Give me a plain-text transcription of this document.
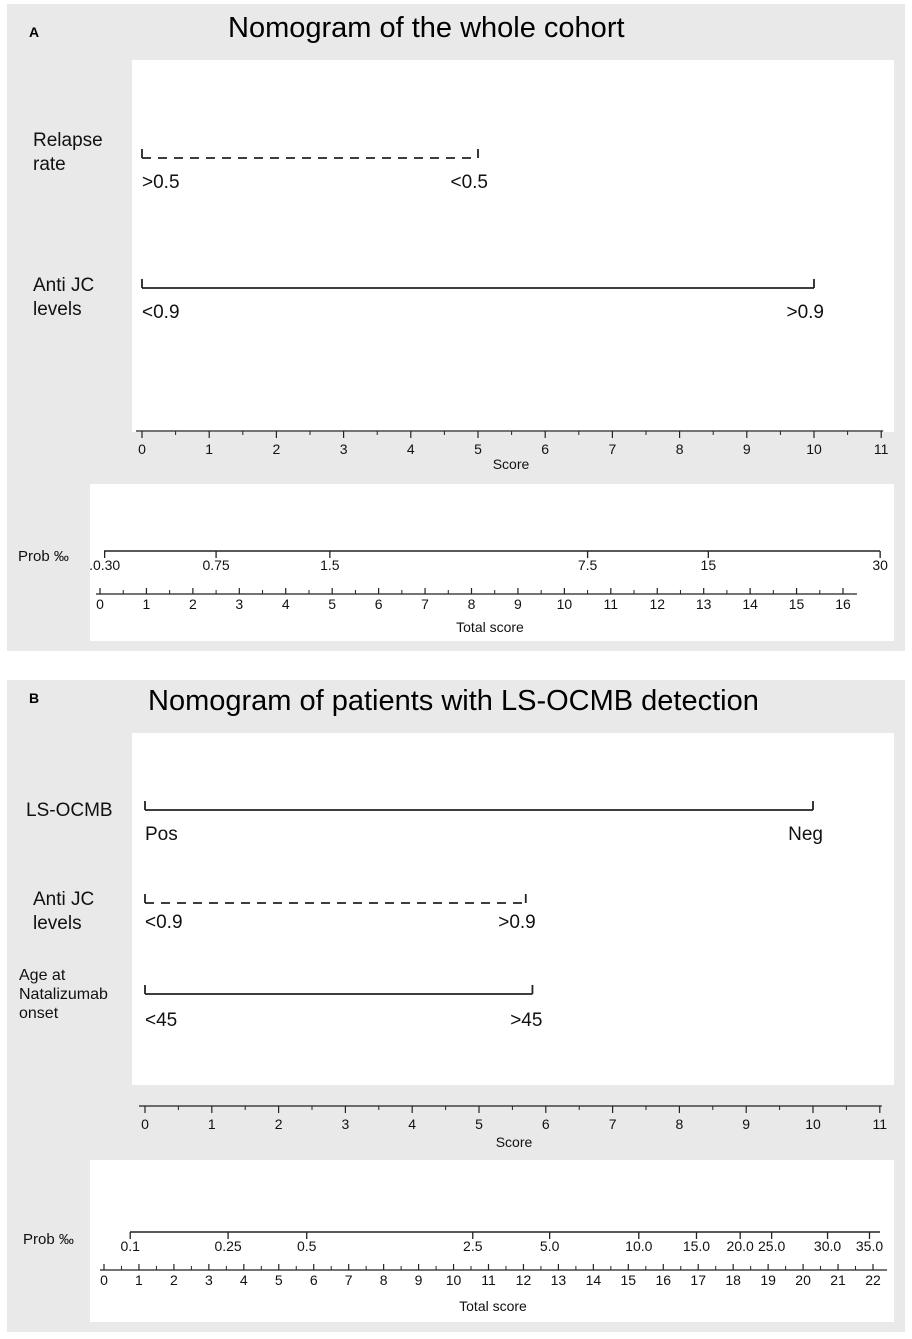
A	Nomogram of the whole cohort
Relapse rate
Anti JC levels
Prob ‰
Score
Total score
B	Nomogram of patients with LS-OCMB detection
LS-OCMB
Anti JC levels
Age at Natalizumab onset
Prob ‰
Score
Total score
0	1	2	3	4	5	6	7	8	9	10	11
>0.5	<0.5
<0.9	>0.9
0	1	2	3	4	5	6	7	8	9 10 11 12 13 14 15 16
.0.30	0.75	1.5	7.5	15	30
0	1	2	3	4	5	6	7	8	9	10	11
Pos	Neg
<0.9	>0.9
<45	>45
0 1 2 3 4 5 6 7 8 9 10 11 12 13 14 15 16 17 18 19 20 21 22
0.1	0.25	0.5	2.5	5.0	10.0 15.0 20.0 25.0 30.0 35.0
